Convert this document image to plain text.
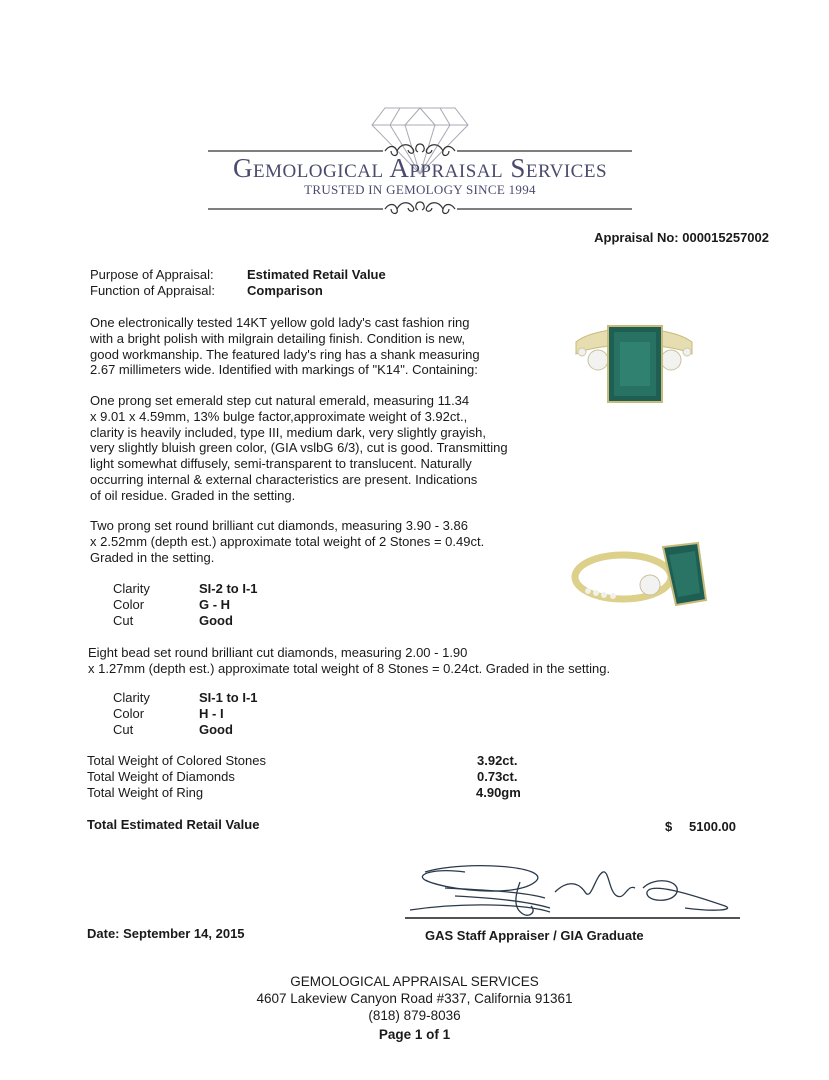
Gemological Appraisal Services
TRUSTED IN GEMOLOGY SINCE 1994
Appraisal No: 000015257002
Purpose of Appraisal:	Estimated Retail Value
Function of Appraisal: Comparison
One electronically tested 14KT yellow gold lady's cast fashion ring
with a bright polish with milgrain detailing finish. Condition is new,
good workmanship. The featured lady's ring has a shank measuring
2.67 millimeters wide. Identified with markings of "K14". Containing:
One prong set emerald step cut natural emerald, measuring 11.34
x 9.01 x 4.59mm, 13% bulge factor,approximate weight of 3.92ct.,
clarity is heavily included, type III, medium dark, very slightly grayish,
very slightly bluish green color, (GIA vslbG 6/3), cut is good. Transmitting
light somewhat diffusely, semi-transparent to translucent. Naturally
occurring internal & external characteristics are present. Indications
of oil residue. Graded in the setting.
Two prong set round brilliant cut diamonds, measuring 3.90 - 3.86
x 2.52mm (depth est.) approximate total weight of 2 Stones = 0.49ct.
Graded in the setting.
Clarity	SI-2 to I-1
Color	G - H
Cut	Good
Eight bead set round brilliant cut diamonds, measuring 2.00 - 1.90
x 1.27mm (depth est.) approximate total weight of 8 Stones = 0.24ct. Graded in the setting.
Clarity	SI-1 to I-1
Color	H - I
Cut	Good
Total Weight of Colored Stones	3.92ct.
Total Weight of Diamonds	0.73ct.
Total Weight of Ring	4.90gm
Total Estimated Retail Value	$ 5100.00
Date: September 14, 2015	GAS Staff Appraiser / GIA Graduate
GEMOLOGICAL APPRAISAL SERVICES
4607 Lakeview Canyon Road #337, California 91361
(818) 879-8036
Page 1 of 1
